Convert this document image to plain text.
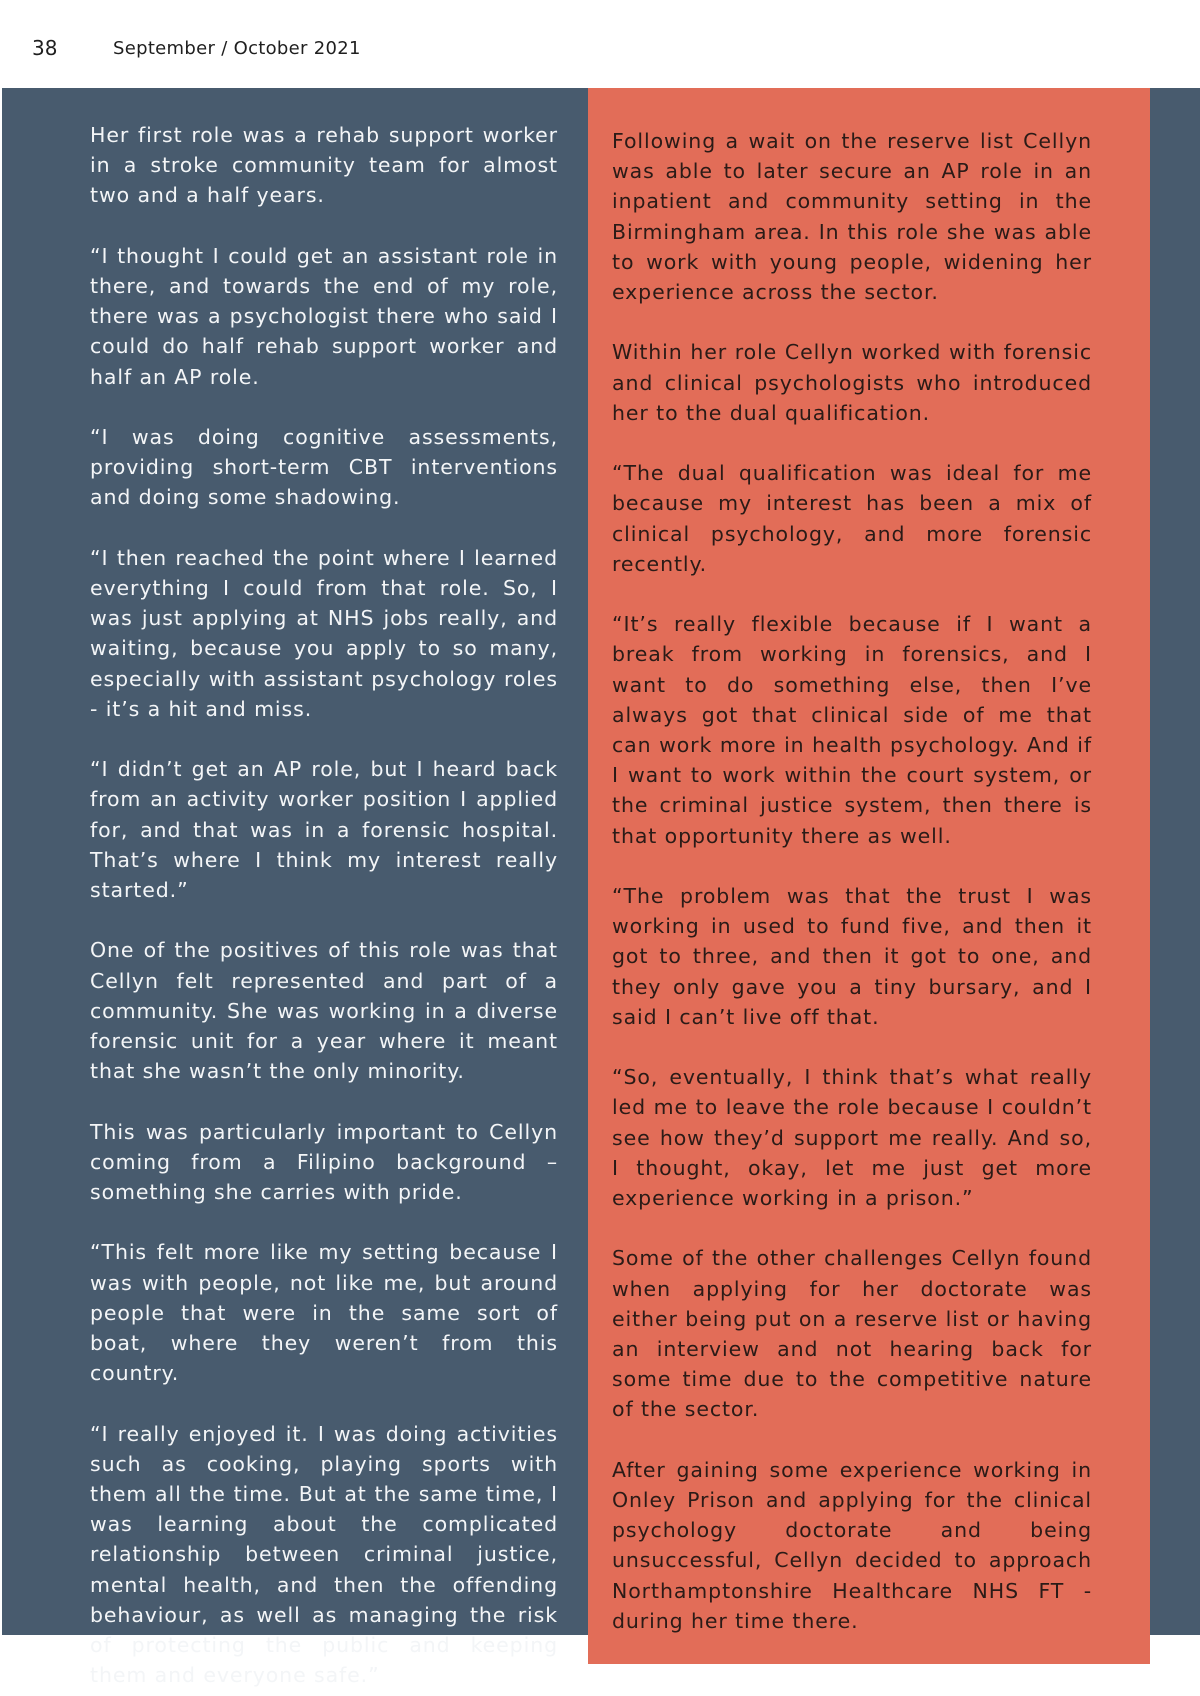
38	September / October 2021

Her first role was a rehab support worker in a stroke community team for almost two and a half years.

“I thought I could get an assistant role in there, and towards the end of my role, there was a psychologist there who said I could do half rehab support worker and half an AP role.

“I was doing cognitive assessments, providing short-term CBT interventions and doing some shadowing.

“I then reached the point where I learned everything I could from that role. So, I was just applying at NHS jobs really, and waiting, because you apply to so many, especially with assistant psychology roles - it’s a hit and miss.

“I didn’t get an AP role, but I heard back from an activity worker position I applied for, and that was in a forensic hospital. That’s where I think my interest really started.”

One of the positives of this role was that Cellyn felt represented and part of a community. She was working in a diverse forensic unit for a year where it meant that she wasn’t the only minority.

This was particularly important to Cellyn coming from a Filipino background – something she carries with pride.

“This felt more like my setting because I was with people, not like me, but around people that were in the same sort of boat, where they weren’t from this country.

“I really enjoyed it. I was doing activities such as cooking, playing sports with them all the time. But at the same time, I was learning about the complicated relationship between criminal justice, mental health, and then the offending behaviour, as well as managing the risk of protecting the public and keeping them and everyone safe.”

Following a wait on the reserve list Cellyn was able to later secure an AP role in an inpatient and community setting in the Birmingham area. In this role she was able to work with young people, widening her experience across the sector.

Within her role Cellyn worked with forensic and clinical psychologists who introduced her to the dual qualification.

“The dual qualification was ideal for me because my interest has been a mix of clinical psychology, and more forensic recently.

“It’s really flexible because if I want a break from working in forensics, and I want to do something else, then I’ve always got that clinical side of me that can work more in health psychology. And if I want to work within the court system, or the criminal justice system, then there is that opportunity there as well.

“The problem was that the trust I was working in used to fund five, and then it got to three, and then it got to one, and they only gave you a tiny bursary, and I said I can’t live off that.

“So, eventually, I think that’s what really led me to leave the role because I couldn’t see how they’d support me really. And so, I thought, okay, let me just get more experience working in a prison.”

Some of the other challenges Cellyn found when applying for her doctorate was either being put on a reserve list or having an interview and not hearing back for some time due to the competitive nature of the sector.

After gaining some experience working in Onley Prison and applying for the clinical psychology doctorate and being unsuccessful, Cellyn decided to approach Northamptonshire Healthcare NHS FT - during her time there.
